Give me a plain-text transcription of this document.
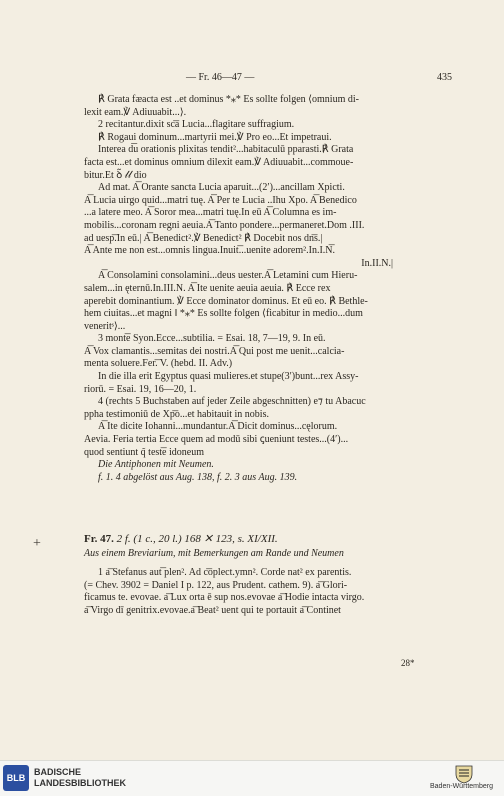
— Fr. 46—47 —	435
+

℟ Grata fᴂacta est ..et dominus *⁎* Es sollte folgen ⟨omnium di-

lexit eam.℣ Adiuuabit...⟩.

2 recitantur.dixit sc͞a Lucia...flagitare suffragium.

℟ Rogaui dominum...martyrii mei.℣ Pro eo...Et impetraui.

Interea d͞u orationis plixitas tendit²...habitaculū pparasti.℟ Grata

facta est...et dominus omnium dilexit eam.℣ Adiuuabit...commoue-

bitur.Et ꝺ̃ 𝓁𝓁 dio

Ad mat. A͞ Orante sancta Lucia aparuit...(2′)...ancillam Xpicti.

A͞ Lucia uirgo quid...matri tuę. A͞ Per te Lucia ..Ihu Xpo. A͞ Benedico

...a latere meo. A͞ Soror mea...matri tuę.In eū A͞ Columna es im-

mobilis...coronam regni aeuia.A͞ Tanto pondere...permaneret.Dom .III.

ad uesp͞.In eū.| A͞ Benedict².℣ Benedict² ℟ Docebit nos dn͞s.|

A͞ Ante me non est...omnis lingua.Inuit͞...uenite adorem².In.I.N͞.

In.II.N.|

A͞ Consolamini consolamini...deus uester.A͞ Letamini cum Hieru-

salem...in ęternū.In.III.N. A͞ Ite uenite aeuia aeuia. ℟ Ecce rex

aperebit dominantium. ℣ Ecce dominator dominus. Et eū eo. ℟ Bethle-

hem ciuitas...et magni ‖ *⁎* Es sollte folgen ⟨ficabitur in medio...dum

veneritˢ⟩...

3 mont͞e Syon.Ecce...subtilia. = Esai. 18, 7—19, 9. In eū.

A͞ Vox clamantis...semitas dei nostri.A͞ Qui post me uenit...calcia-

menta soluere.Fer͞. V. (hebd. II. Adv.)

In die illa erit Egyptus quasi mulieres.et stupe(3′)bunt...rex Assy-

riorū. = Esai. 19, 16—20, 1.

4 (rechts 5 Buchstaben auf jeder Zeile abgeschnitten) e⁊ tu Abacuc

ppha testimoniū de Xp͞o...et habitauit in nobis.

A͞ Ite dicite Iohanni...mundantur.A͞ Dicit dominus...cęlorum.

Aevia. Feria tertia Ecce quem ad modū sibi ꞔueniunt testes...(4′)...

quod sentiunt q̃ test͞e idoneum

Die Antiphonen mit Neumen.

f. 1. 4 abgelöst aus Aug. 138, f. 2. 3 aus Aug. 139.

Fr. 47. 2 f. (1 c., 20 l.) 168 ✕ 123, s. XI/XII.

Aus einem Breviarium, mit Bemerkungen am Rande und Neumen

1 a͞ Stefanus aut͞ plen². Ad c͞oplect.ymn². Corde nat² ex parentis.

(= Chev. 3902 = Daniel I p. 122, aus Prudent. cathem. 9). a͞ Glori-

ficamus te. evovae. a͞ Lux orta ē sup nos.evovae a͞ Hodie intacta virgo.

a͞ Virgo dī genitrix.evovae.a͞ Beat² uent qui te portauit a͞ Continet

28*
BLB
BADISCHE
LANDESBIBLIOTHEK	Baden-Württemberg
